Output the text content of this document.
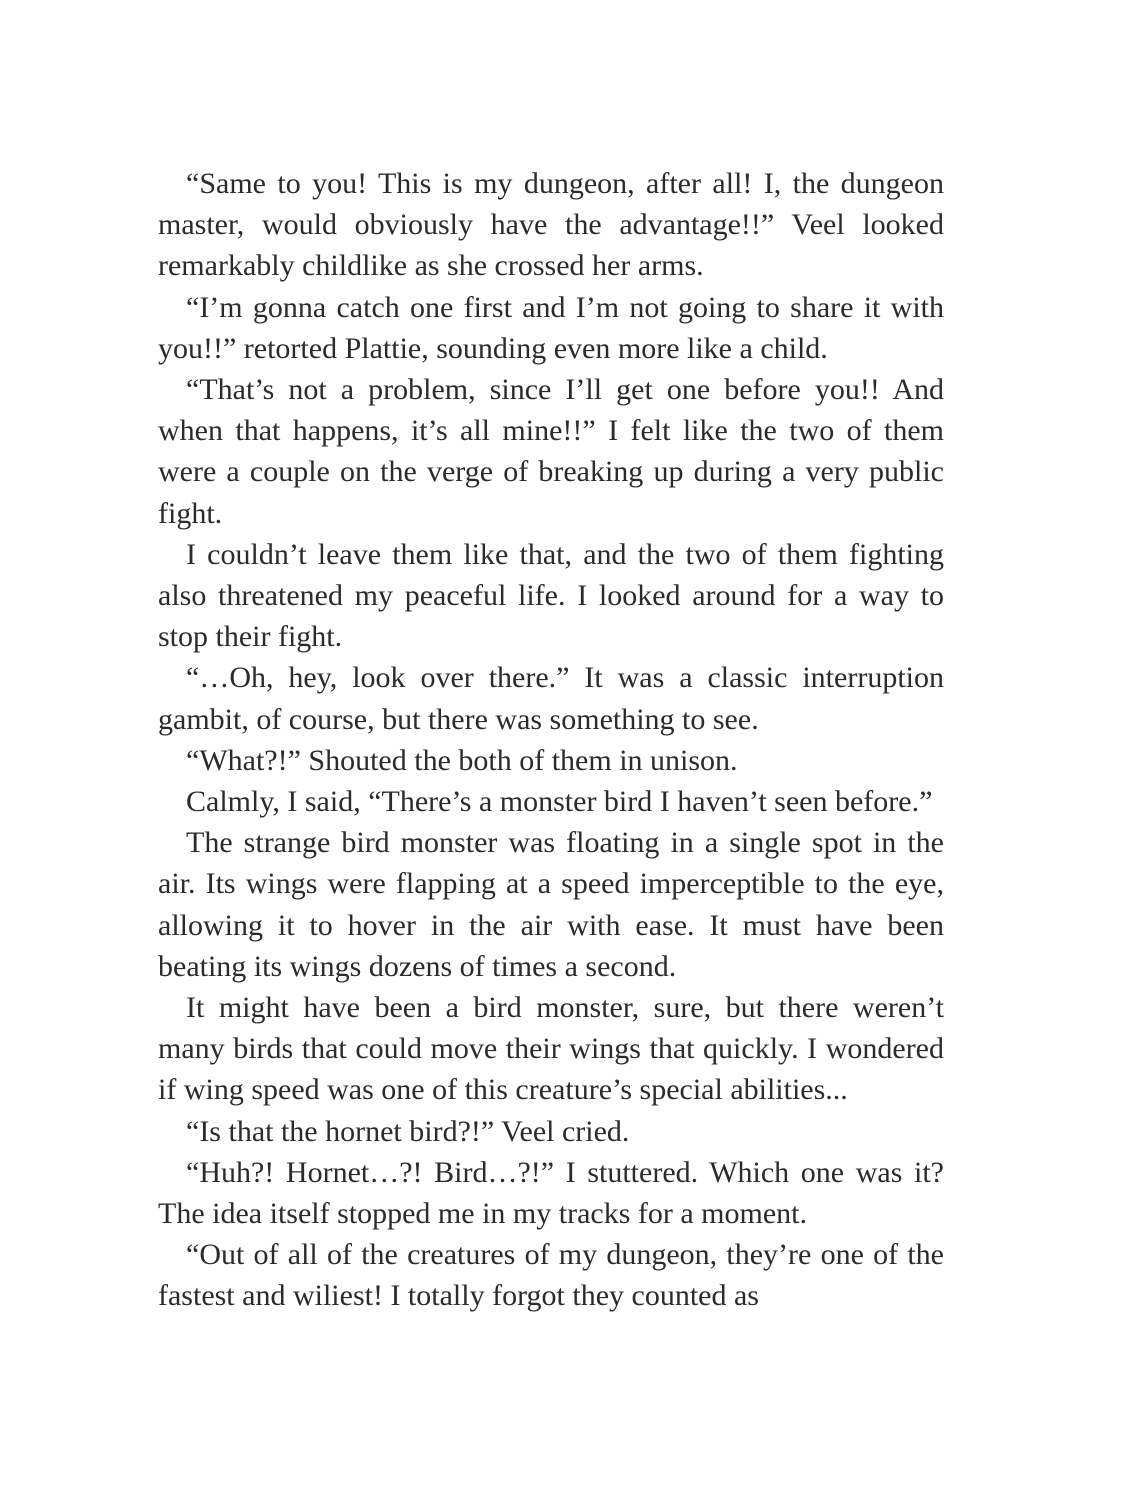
“Same to you! This is my dungeon, after all! I, the dungeon master, would obviously have the advantage!!” Veel looked remarkably childlike as she crossed her arms.

“I’m gonna catch one first and I’m not going to share it with you!!” retorted Plattie, sounding even more like a child.

“That’s not a problem, since I’ll get one before you!! And when that happens, it’s all mine!!” I felt like the two of them were a couple on the verge of breaking up during a very public fight.

I couldn’t leave them like that, and the two of them fighting also threatened my peaceful life. I looked around for a way to stop their fight.

“…Oh, hey, look over there.” It was a classic interruption gambit, of course, but there was something to see.

“What?!” Shouted the both of them in unison.

Calmly, I said, “There’s a monster bird I haven’t seen before.”

The strange bird monster was floating in a single spot in the air. Its wings were flapping at a speed imperceptible to the eye, allowing it to hover in the air with ease. It must have been beating its wings dozens of times a second.

It might have been a bird monster, sure, but there weren’t many birds that could move their wings that quickly. I wondered if wing speed was one of this creature’s special abilities...

“Is that the hornet bird?!” Veel cried.

“Huh?! Hornet…?! Bird…?!” I stuttered. Which one was it? The idea itself stopped me in my tracks for a moment.

“Out of all of the creatures of my dungeon, they’re one of the fastest and wiliest! I totally forgot they counted as
